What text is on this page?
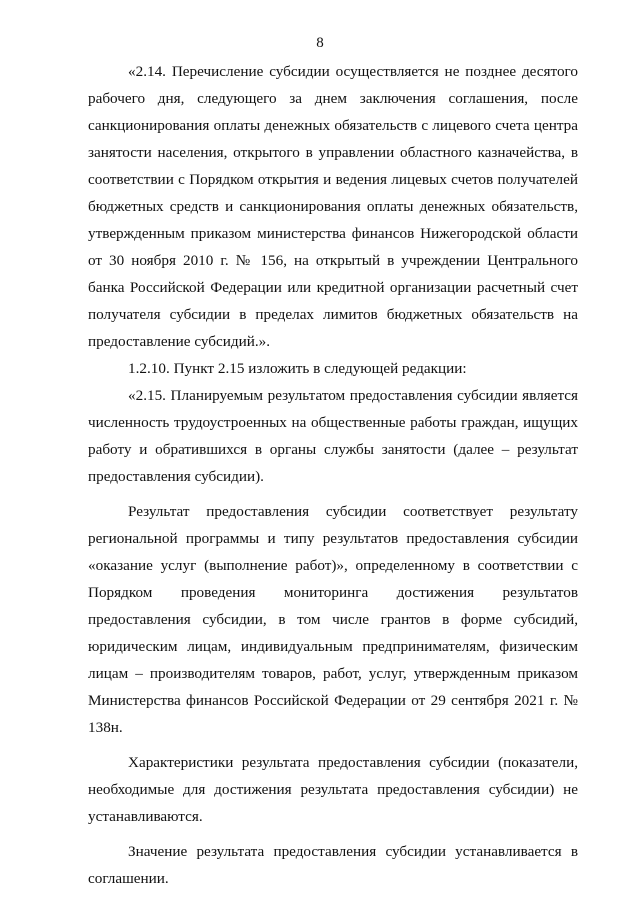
8

«2.14. Перечисление субсидии осуществляется не позднее десятого рабочего дня, следующего за днем заключения соглашения, после санкционирования оплаты денежных обязательств с лицевого счета центра занятости населения, открытого в управлении областного казначейства, в соответствии с Порядком открытия и ведения лицевых счетов получателей бюджетных средств и санкционирования оплаты денежных обязательств, утвержденным приказом министерства финансов Нижегородской области от 30 ноября 2010 г. № 156, на открытый в учреждении Центрального банка Российской Федерации или кредитной организации расчетный счет получателя субсидии в пределах лимитов бюджетных обязательств на предоставление субсидий.».

1.2.10. Пункт 2.15 изложить в следующей редакции:

«2.15. Планируемым результатом предоставления субсидии является численность трудоустроенных на общественные работы граждан, ищущих работу и обратившихся в органы службы занятости (далее – результат предоставления субсидии).

Результат предоставления субсидии соответствует результату региональной программы и типу результатов предоставления субсидии «оказание услуг (выполнение работ)», определенному в соответствии с Порядком проведения мониторинга достижения результатов предоставления субсидии, в том числе грантов в форме субсидий, юридическим лицам, индивидуальным предпринимателям, физическим лицам – производителям товаров, работ, услуг, утвержденным приказом Министерства финансов Российской Федерации от 29 сентября 2021 г. № 138н.

Характеристики результата предоставления субсидии (показатели, необходимые для достижения результата предоставления субсидии) не устанавливаются.

Значение результата предоставления субсидии устанавливается в соглашении.
